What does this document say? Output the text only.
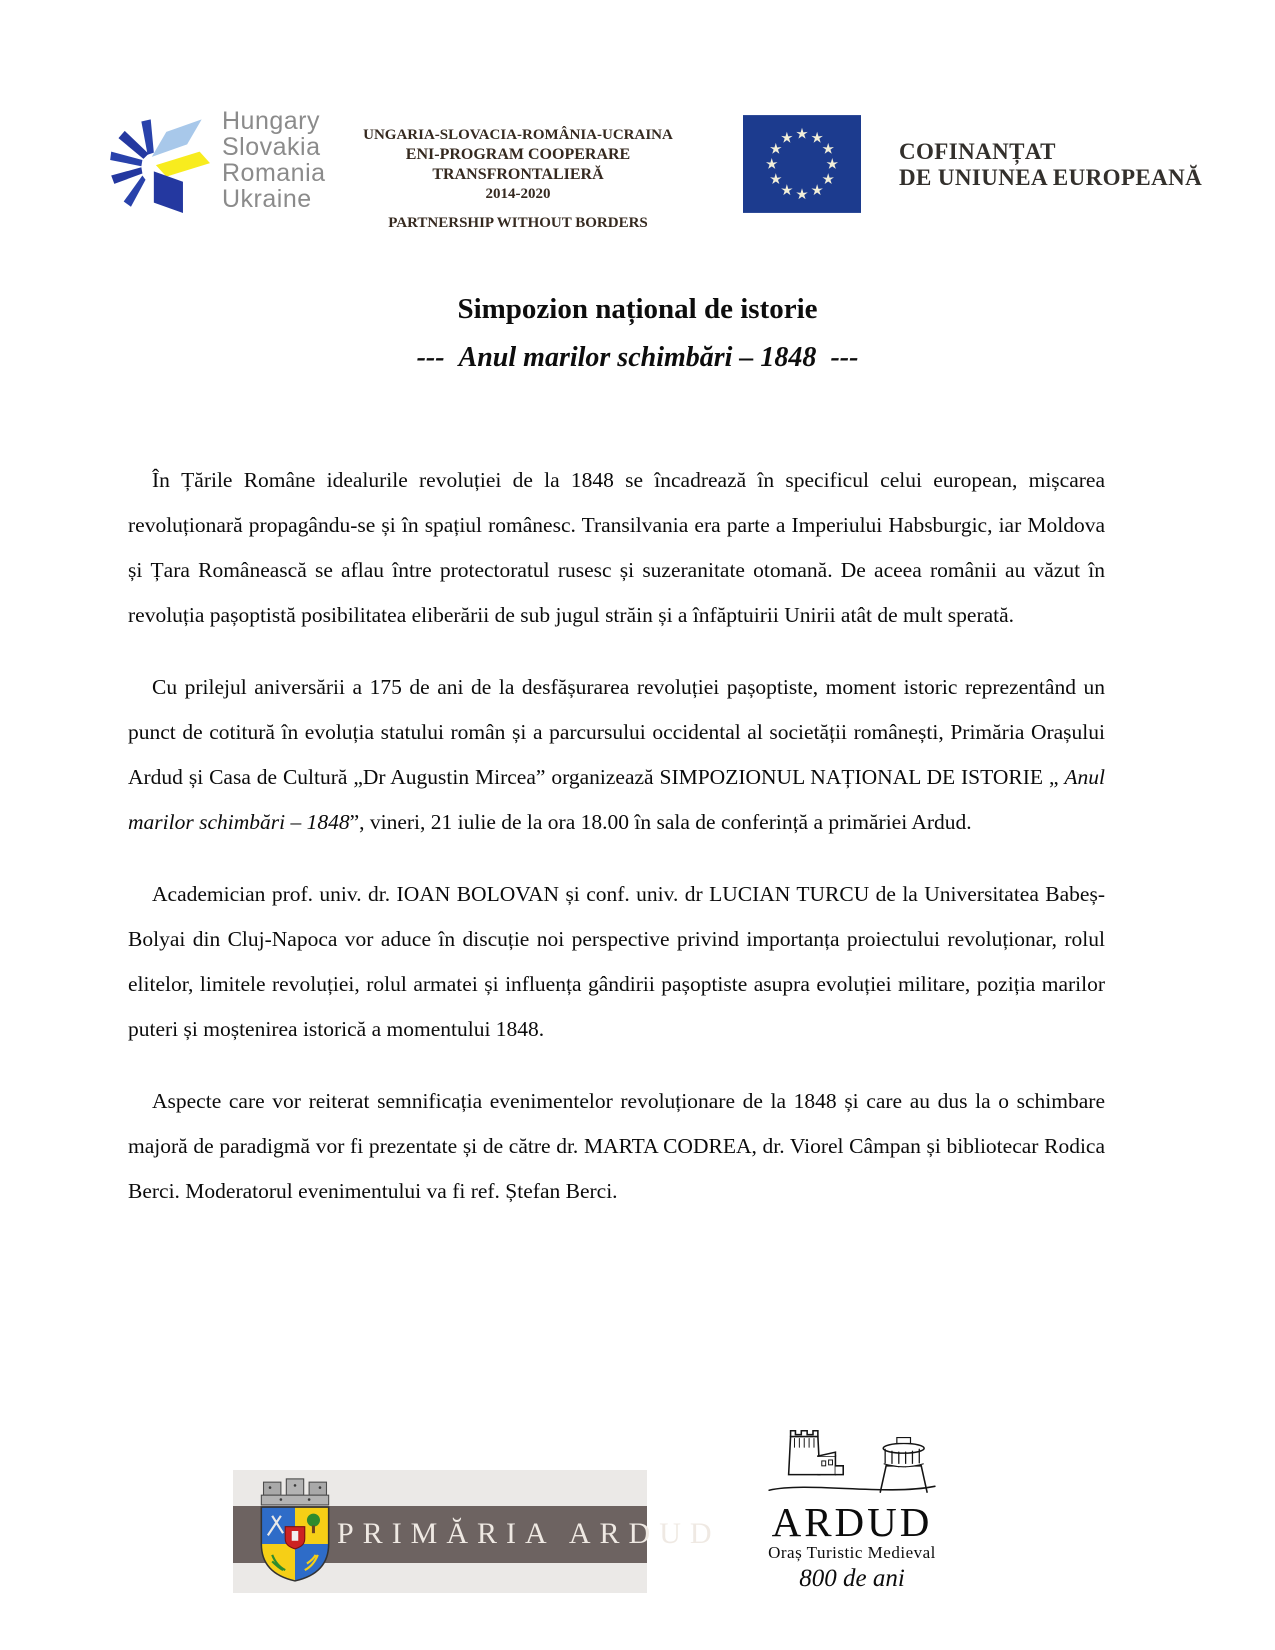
Hungary
Slovakia
Romania
Ukraine
UNGARIA-SLOVACIA-ROMÂNIA-UCRAINA
ENI-PROGRAM COOPERARE TRANSFRONTALIERĂ
2014-2020
PARTNERSHIP WITHOUT BORDERS
COFINANȚAT
DE UNIUNEA EUROPEANĂ
Simpozion național de istorie
--- Anul marilor schimbări – 1848 ---

În Țările Române idealurile revoluției de la 1848 se încadrează în specificul celui european, mișcarea revoluționară propagându-se și în spațiul românesc. Transilvania era parte a Imperiului Habsburgic, iar Moldova și Țara Românească se aflau între protectoratul rusesc și suzeranitate otomană. De aceea românii au văzut în revoluția pașoptistă posibilitatea eliberării de sub jugul străin și a înfăptuirii Unirii atât de mult sperată.

Cu prilejul aniversării a 175 de ani de la desfășurarea revoluției pașoptiste, moment istoric reprezentând un punct de cotitură în evoluția statului român și a parcursului occidental al societății românești, Primăria Orașului Ardud și Casa de Cultură „Dr Augustin Mircea” organizează SIMPOZIONUL NAȚIONAL DE ISTORIE „ Anul marilor schimbări – 1848”, vineri, 21 iulie de la ora 18.00 în sala de conferință a primăriei Ardud.

Academician prof. univ. dr. IOAN BOLOVAN și conf. univ. dr LUCIAN TURCU de la Universitatea Babeș-Bolyai din Cluj-Napoca vor aduce în discuție noi perspective privind importanța proiectului revoluționar, rolul elitelor, limitele revoluției, rolul armatei și influența gândirii pașoptiste asupra evoluției militare, poziția marilor puteri și moștenirea istorică a momentului 1848.

Aspecte care vor reiterat semnificația evenimentelor revoluționare de la 1848 și care au dus la o schimbare majoră de paradigmă vor fi prezentate și de către dr. MARTA CODREA, dr. Viorel Câmpan și bibliotecar Rodica Berci. Moderatorul evenimentului va fi ref. Ștefan Berci.

PRIMĂRIA ARDUD	ARDUD
Oraș Turistic Medieval
800 de ani
